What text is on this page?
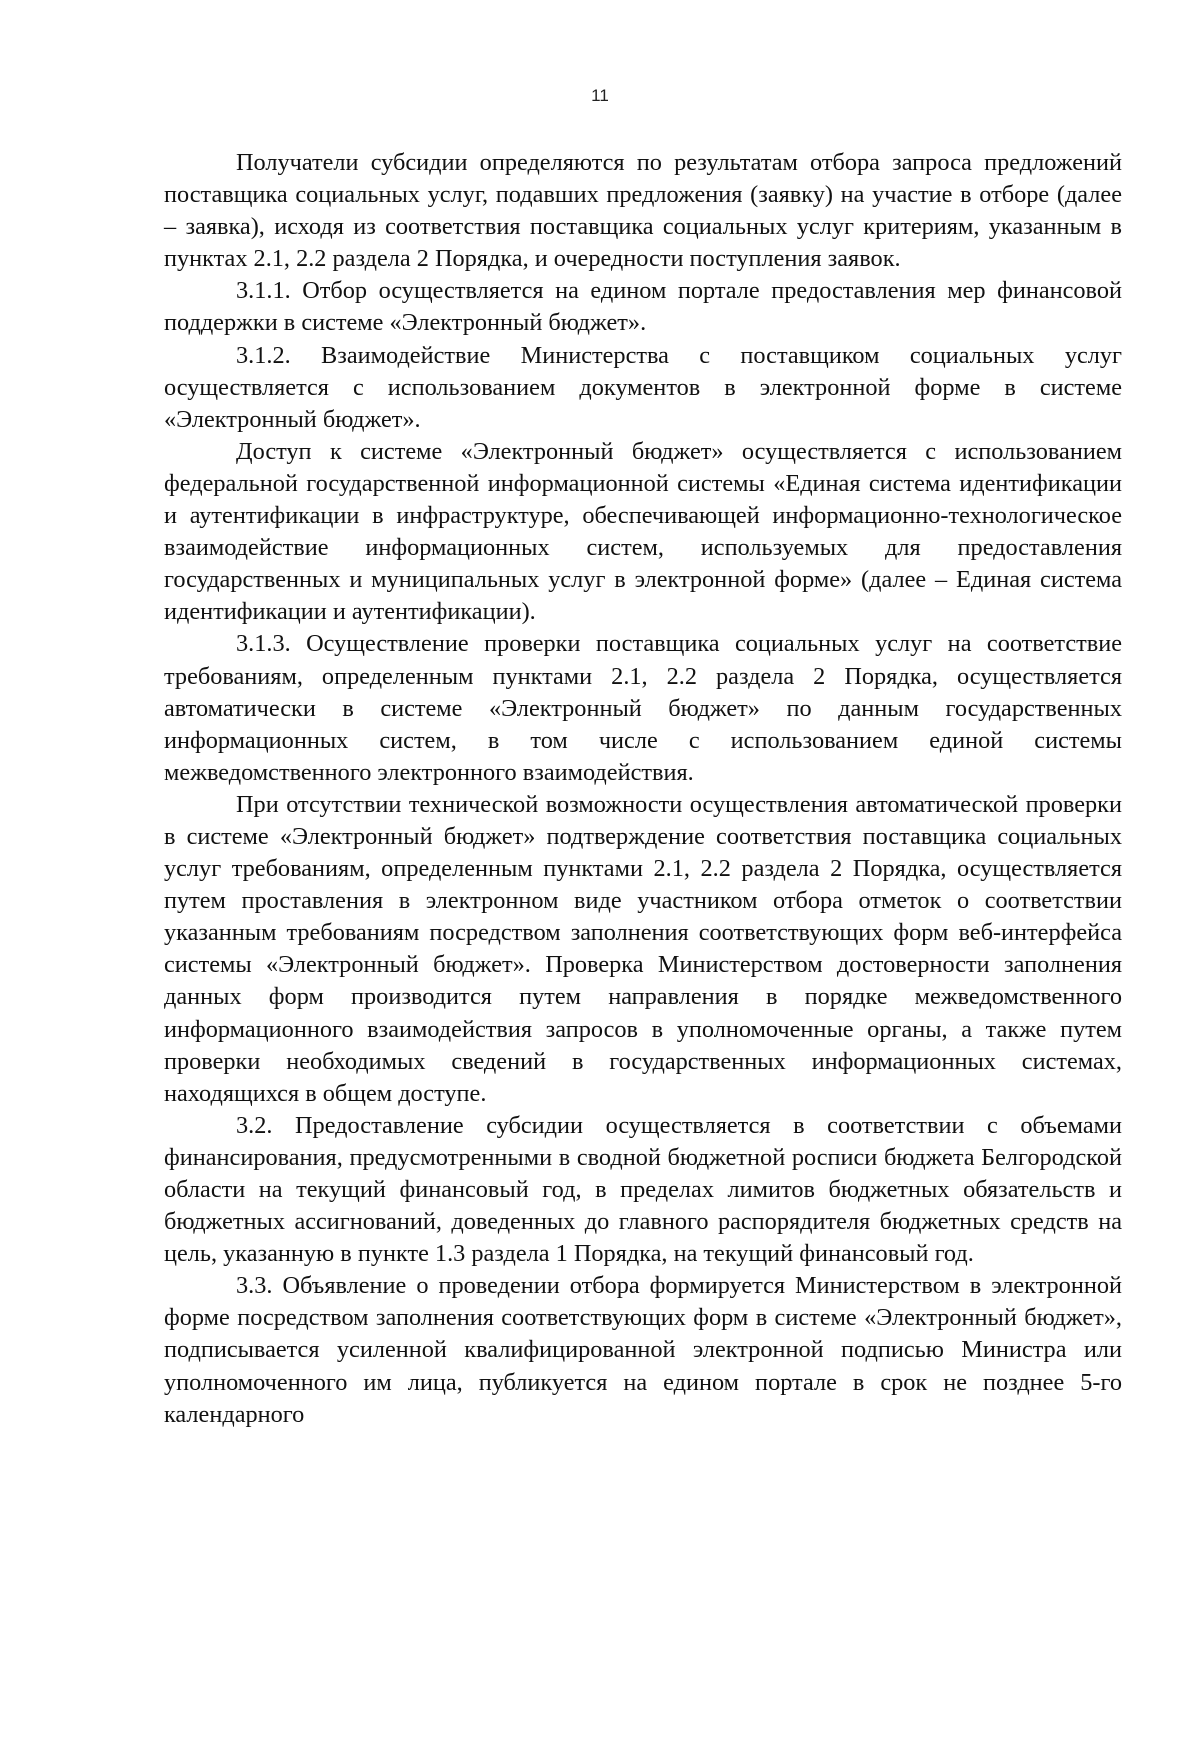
11

Получатели субсидии определяются по результатам отбора запроса предложений поставщика социальных услуг, подавших предложения (заявку) на участие в отборе (далее – заявка), исходя из соответствия поставщика социальных услуг критериям, указанным в пунктах 2.1, 2.2 раздела 2 Порядка, и очередности поступления заявок.

3.1.1. Отбор осуществляется на едином портале предоставления мер финансовой поддержки в системе «Электронный бюджет».

3.1.2. Взаимодействие Министерства с поставщиком социальных услуг осуществляется с использованием документов в электронной форме в системе «Электронный бюджет».

Доступ к системе «Электронный бюджет» осуществляется с использованием федеральной государственной информационной системы «Единая система идентификации и аутентификации в инфраструктуре, обеспечивающей информационно-технологическое взаимодействие информационных систем, используемых для предоставления государственных и муниципальных услуг в электронной форме» (далее – Единая система идентификации и аутентификации).

3.1.3. Осуществление проверки поставщика социальных услуг на соответствие требованиям, определенным пунктами 2.1, 2.2 раздела 2 Порядка, осуществляется автоматически в системе «Электронный бюджет» по данным государственных информационных систем, в том числе с использованием единой системы межведомственного электронного взаимодействия.

При отсутствии технической возможности осуществления автоматической проверки в системе «Электронный бюджет» подтверждение соответствия поставщика социальных услуг требованиям, определенным пунктами 2.1, 2.2 раздела 2 Порядка, осуществляется путем проставления в электронном виде участником отбора отметок о соответствии указанным требованиям посредством заполнения соответствующих форм веб-интерфейса системы «Электронный бюджет». Проверка Министерством достоверности заполнения данных форм производится путем направления в порядке межведомственного информационного взаимодействия запросов в уполномоченные органы, а также путем проверки необходимых сведений в государственных информационных системах, находящихся в общем доступе.

3.2. Предоставление субсидии осуществляется в соответствии с объемами финансирования, предусмотренными в сводной бюджетной росписи бюджета Белгородской области на текущий финансовый год, в пределах лимитов бюджетных обязательств и бюджетных ассигнований, доведенных до главного распорядителя бюджетных средств на цель, указанную в пункте 1.3 раздела 1 Порядка, на текущий финансовый год.

3.3. Объявление о проведении отбора формируется Министерством в электронной форме посредством заполнения соответствующих форм в системе «Электронный бюджет», подписывается усиленной квалифицированной электронной подписью Министра или уполномоченного им лица, публикуется на едином портале в срок не позднее 5-го календарного
